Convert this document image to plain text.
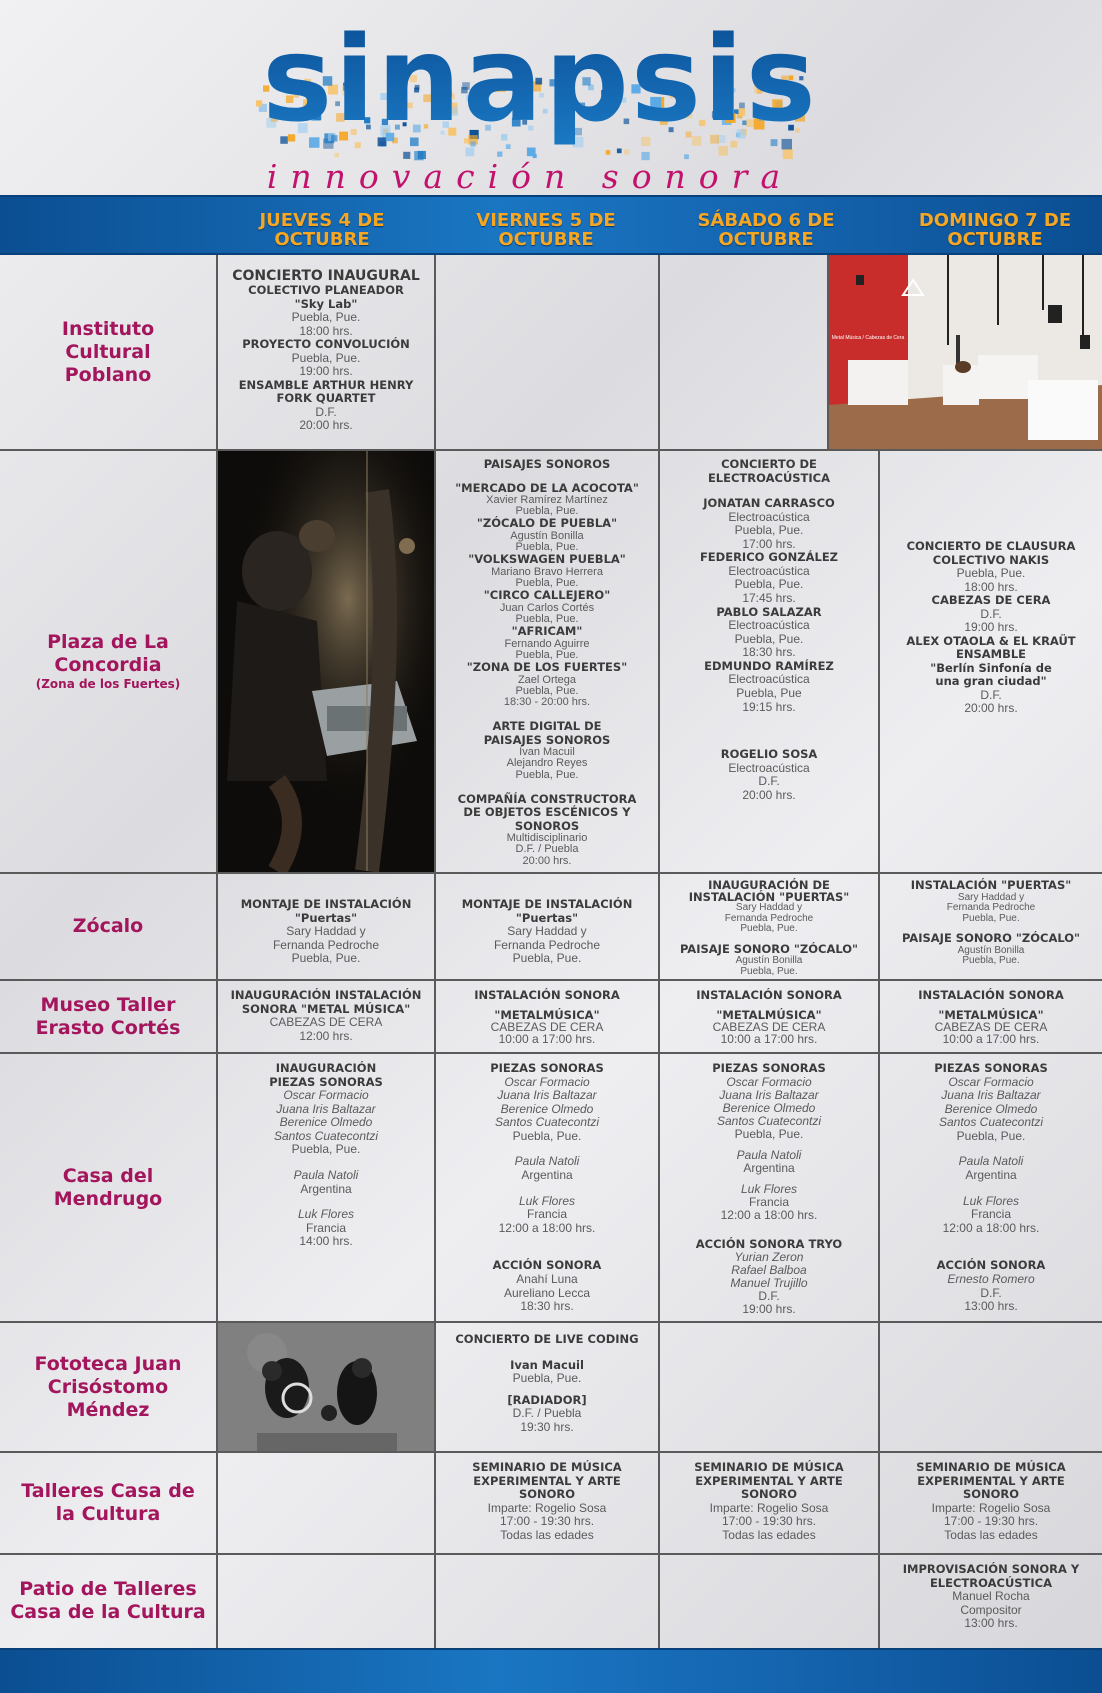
sinapsis
innovación sonora
JUEVES 4 DE OCTUBRE
VIERNES 5 DE OCTUBRE
SÁBADO 6 DE OCTUBRE
DOMINGO 7 DE OCTUBRE
Instituto Cultural Poblano
Plaza de La Concordia
(Zona de los Fuertes)
Zócalo
Museo Taller Erasto Cortés
Casa del Mendrugo
Fototeca Juan Crisóstomo Méndez
Talleres Casa de la Cultura
Patio de Talleres Casa de la Cultura
Metal Música / Cabezas de Cera
CONCIERTO INAUGURAL
COLECTIVO PLANEADOR
"Sky Lab"
Puebla, Pue.
18:00 hrs.
PROYECTO CONVOLUCIÓN
Puebla, Pue.
19:00 hrs.
ENSAMBLE ARTHUR HENRY FORK QUARTET
D.F.
20:00 hrs.
PAISAJES SONOROS
"MERCADO DE LA ACOCOTA"
Xavier Ramírez Martínez
Puebla, Pue.
"ZÓCALO DE PUEBLA"
Agustín Bonilla
Puebla, Pue.
"VOLKSWAGEN PUEBLA"
Mariano Bravo Herrera
Puebla, Pue.
"CIRCO CALLEJERO"
Juan Carlos Cortés
Puebla, Pue.
"AFRICAM"
Fernando Aguirre
Puebla, Pue.
"ZONA DE LOS FUERTES"
Zael Ortega
Puebla, Pue.
18:30 - 20:00 hrs.
ARTE DIGITAL DE PAISAJES SONOROS
Ivan Macuil
Alejandro Reyes
Puebla, Pue.
COMPAÑÍA CONSTRUCTORA DE OBJETOS ESCÉNICOS Y SONOROS
Multidisciplinario
D.F. / Puebla
20:00 hrs.
CONCIERTO DE ELECTROACÚSTICA
JONATAN CARRASCO
Electroacústica
Puebla, Pue.
17:00 hrs.
FEDERICO GONZÁLEZ
Electroacústica
Puebla, Pue.
17:45 hrs.
PABLO SALAZAR
Electroacústica
Puebla, Pue.
18:30 hrs.
EDMUNDO RAMÍREZ
Electroacústica
Puebla, Pue
19:15 hrs.
ROGELIO SOSA
Electroacústica
D.F.
20:00 hrs.
CONCIERTO DE CLAUSURA
COLECTIVO NAKIS
Puebla, Pue.
18:00 hrs.
CABEZAS DE CERA
D.F.
19:00 hrs.
ALEX OTAOLA & EL KRAÜT ENSAMBLE
"Berlín Sinfonía de una gran ciudad"
D.F.
20:00 hrs.
MONTAJE DE INSTALACIÓN
"Puertas"
Sary Haddad y
Fernanda Pedroche
Puebla, Pue.
MONTAJE DE INSTALACIÓN
"Puertas"
Sary Haddad y
Fernanda Pedroche
Puebla, Pue.
INAUGURACIÓN DE INSTALACIÓN "PUERTAS"
Sary Haddad y
Fernanda Pedroche
Puebla, Pue.
PAISAJE SONORO "ZÓCALO"
Agustín Bonilla
Puebla, Pue.
INSTALACIÓN "PUERTAS"
Sary Haddad y
Fernanda Pedroche
Puebla, Pue.
PAISAJE SONORO "ZÓCALO"
Agustín Bonilla
Puebla, Pue.
INAUGURACIÓN INSTALACIÓN SONORA "METAL MÚSICA"
CABEZAS DE CERA
12:00 hrs.
INSTALACIÓN SONORA
"METALMÚSICA"
CABEZAS DE CERA
10:00 a 17:00 hrs.
INSTALACIÓN SONORA
"METALMÚSICA"
CABEZAS DE CERA
10:00 a 17:00 hrs.
INSTALACIÓN SONORA
"METALMÚSICA"
CABEZAS DE CERA
10:00 a 17:00 hrs.
INAUGURACIÓN PIEZAS SONORAS
Oscar Formacio
Juana Iris Baltazar
Berenice Olmedo
Santos Cuatecontzi
Puebla, Pue.
Paula Natoli
Argentina
Luk Flores
Francia
14:00 hrs.
PIEZAS SONORAS
Oscar Formacio
Juana Iris Baltazar
Berenice Olmedo
Santos Cuatecontzi
Puebla, Pue.
Paula Natoli
Argentina
Luk Flores
Francia
12:00 a 18:00 hrs.
ACCIÓN SONORA
Anahí Luna
Aureliano Lecca
18:30 hrs.
PIEZAS SONORAS
Oscar Formacio
Juana Iris Baltazar
Berenice Olmedo
Santos Cuatecontzi
Puebla, Pue.
Paula Natoli
Argentina
Luk Flores
Francia
12:00 a 18:00 hrs.
ACCIÓN SONORA TRYO
Yurian Zeron
Rafael Balboa
Manuel Trujillo
D.F.
19:00 hrs.
PIEZAS SONORAS
Oscar Formacio
Juana Iris Baltazar
Berenice Olmedo
Santos Cuatecontzi
Puebla, Pue.
Paula Natoli
Argentina
Luk Flores
Francia
12:00 a 18:00 hrs.
ACCIÓN SONORA
Ernesto Romero
D.F.
13:00 hrs.
CONCIERTO DE LIVE CODING
Ivan Macuil
Puebla, Pue.
[RADIADOR]
D.F. / Puebla
19:30 hrs.
SEMINARIO DE MÚSICA EXPERIMENTAL Y ARTE SONORO
Imparte: Rogelio Sosa
17:00 - 19:30 hrs.
Todas las edades
SEMINARIO DE MÚSICA EXPERIMENTAL Y ARTE SONORO
Imparte: Rogelio Sosa
17:00 - 19:30 hrs.
Todas las edades
SEMINARIO DE MÚSICA EXPERIMENTAL Y ARTE SONORO
Imparte: Rogelio Sosa
17:00 - 19:30 hrs.
Todas las edades
IMPROVISACIÓN SONORA Y ELECTROACÚSTICA
Manuel Rocha
Compositor
13:00 hrs.
